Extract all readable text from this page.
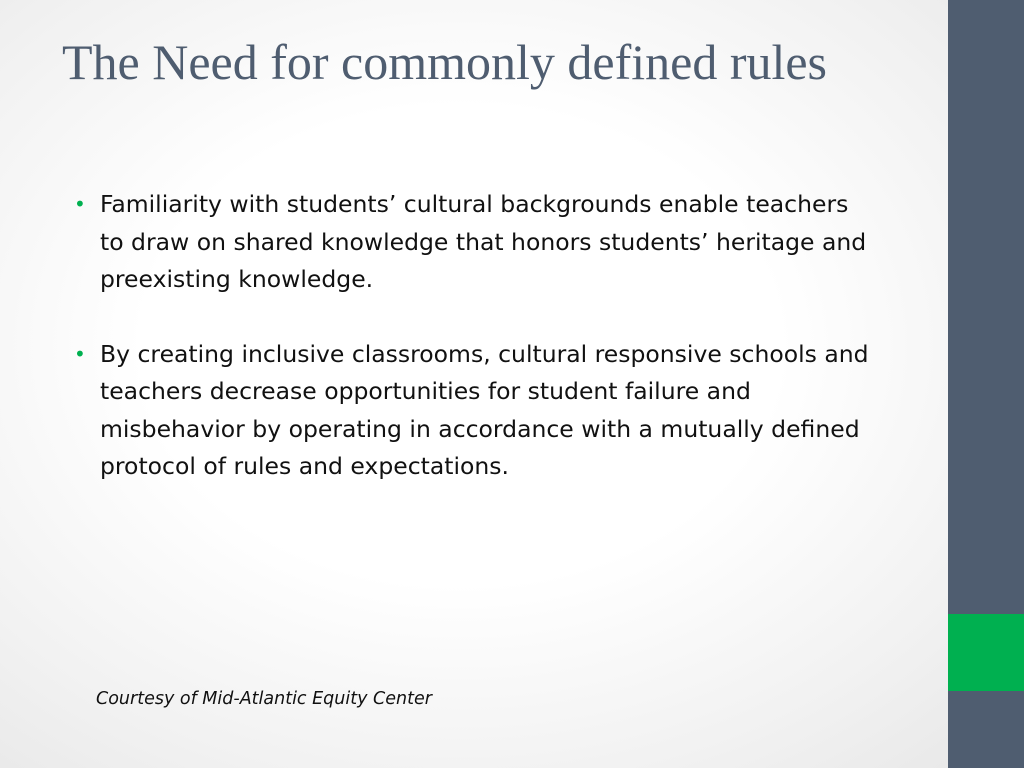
The Need for commonly defined rules
• Familiarity with students’ cultural backgrounds enable teachers to draw on shared knowledge that honors students’ heritage and preexisting knowledge.
• By creating inclusive classrooms, cultural responsive schools and teachers decrease opportunities for student failure and misbehavior by operating in accordance with a mutually defined protocol of rules and expectations.

Courtesy of Mid-Atlantic Equity Center
